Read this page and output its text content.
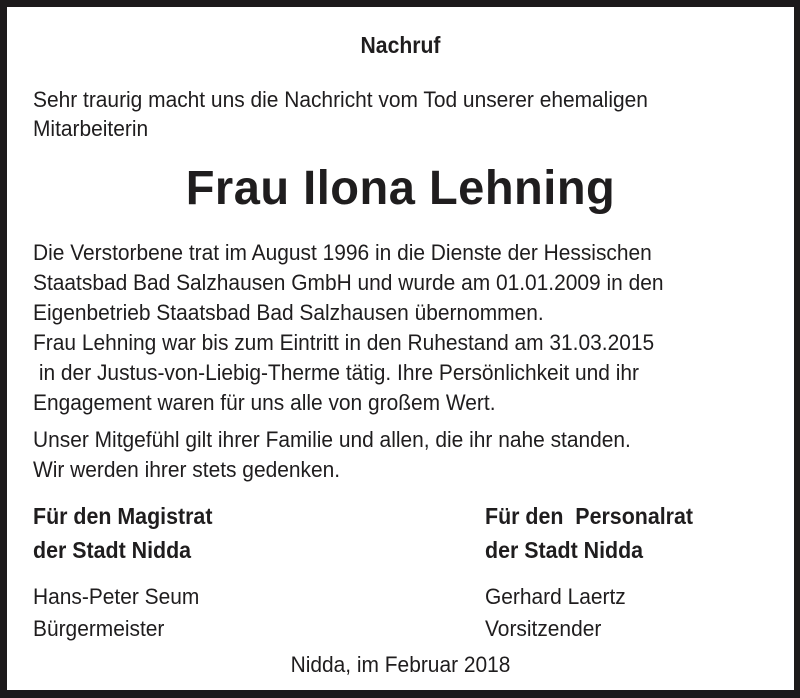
Nachruf

Sehr traurig macht uns die Nachricht vom Tod unserer ehemaligen
Mitarbeiterin

Frau Ilona Lehning

Die Verstorbene trat im August 1996 in die Dienste der Hessischen
Staatsbad Bad Salzhausen GmbH und wurde am 01.01.2009 in den
Eigenbetrieb Staatsbad Bad Salzhausen übernommen.
Frau Lehning war bis zum Eintritt in den Ruhestand am 31.03.2015
in der Justus-von-Liebig-Therme tätig. Ihre Persönlichkeit und ihr
Engagement waren für uns alle von großem Wert.

Unser Mitgefühl gilt ihrer Familie und allen, die ihr nahe standen.
Wir werden ihrer stets gedenken.

Für den Magistrat
der Stadt Nidda
Hans-Peter Seum
Bürgermeister
Für den  Personalrat
der Stadt Nidda
Gerhard Laertz
Vorsitzender

Nidda, im Februar 2018
